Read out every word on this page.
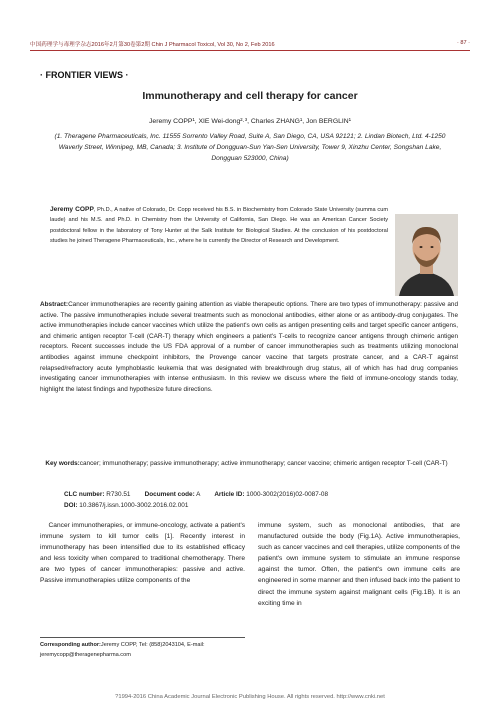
中国药理学与毒理学杂志2016年2月第30卷第2期 Chin J Pharmacol Toxicol, Vol 30, No 2, Feb 2016	· 87 ·
· FRONTIER VIEWS ·
Immunotherapy and cell therapy for cancer
Jeremy COPP¹, XIE Wei-dong²·³, Charles ZHANG¹, Jon BERGLIN¹
(1. Theragene Pharmaceuticals, Inc. 11555 Sorrento Valley Road, Suite A, San Diego, CA, USA 92121; 2. Lindan Biotech, Ltd. 4-1250 Waverly Street, Winnipeg, MB, Canada; 3. Institute of Dongguan-Sun Yan-Sen University, Tower 9, Xinzhu Center, Songshan Lake, Dongguan 523000, China)
Jeremy COPP, Ph.D., A native of Colorado, Dr. Copp received his B.S. in Biochemistry from Colorado State University (summa cum laude) and his M.S. and Ph.D. in Chemistry from the University of California, San Diego. He was an American Cancer Society postdoctoral fellow in the laboratory of Tony Hunter at the Salk Institute for Biological Studies. At the conclusion of his postdoctoral studies he joined Theragene Pharmaceuticals, Inc., where he is currently the Director of Research and Development.
Abstract:Cancer immunotherapies are recently gaining attention as viable therapeutic options. There are two types of immunotherapy: passive and active. The passive immunotherapies include several treatments such as monoclonal antibodies, either alone or as antibody-drug conjugates. The active immunotherapies include cancer vaccines which utilize the patient's own cells as antigen presenting cells and target specific cancer antigens, and chimeric antigen receptor T-cell (CAR-T) therapy which engineers a patient's T-cells to recognize cancer antigens through chimeric antigen receptors. Recent successes include the US FDA approval of a number of cancer immunotherapies such as treatments utilizing monoclonal antibodies against immune checkpoint inhibitors, the Provenge cancer vaccine that targets prostrate cancer, and a CAR-T against relapsed/refractory acute lymphoblastic leukemia that was designated with breakthrough drug status, all of which has had drug companies investigating cancer immunotherapies with intense enthusiasm. In this review we discuss where the field of immune-oncology stands today, highlight the latest findings and hypothesize future directions.
Key words:cancer; immunotherapy; passive immunotherapy; active immunotherapy; cancer vaccine; chimeric antigen receptor T-cell (CAR-T)
CLC number: R730.51 Document code: A Article ID: 1000-3002(2016)02-0087-08
DOI: 10.3867/j.issn.1000-3002.2016.02.001
Cancer immunotherapies, or immune-oncology, activate a patient's immune system to kill tumor cells [1]. Recently interest in immunotherapy has been intensified due to its established efficacy and less toxicity when compared to traditional chemotherapy. There are two types of cancer immunotherapies: passive and active. Passive immunotherapies utilize components of the
immune system, such as monoclonal antibodies, that are manufactured outside the body (Fig.1A). Active immunotherapies, such as cancer vaccines and cell therapies, utilize components of the patient's own immune system to stimulate an immune response against the tumor. Often, the patient's own immune cells are engineered in some manner and then infused back into the patient to direct the immune system against malignant cells (Fig.1B). It is an exciting time in
Corresponding author:Jeremy COPP, Tel: (858)2043104, E-mail: jeremycopp@theragenepharma.com
?1994-2016 China Academic Journal Electronic Publishing House. All rights reserved. http://www.cnki.net
